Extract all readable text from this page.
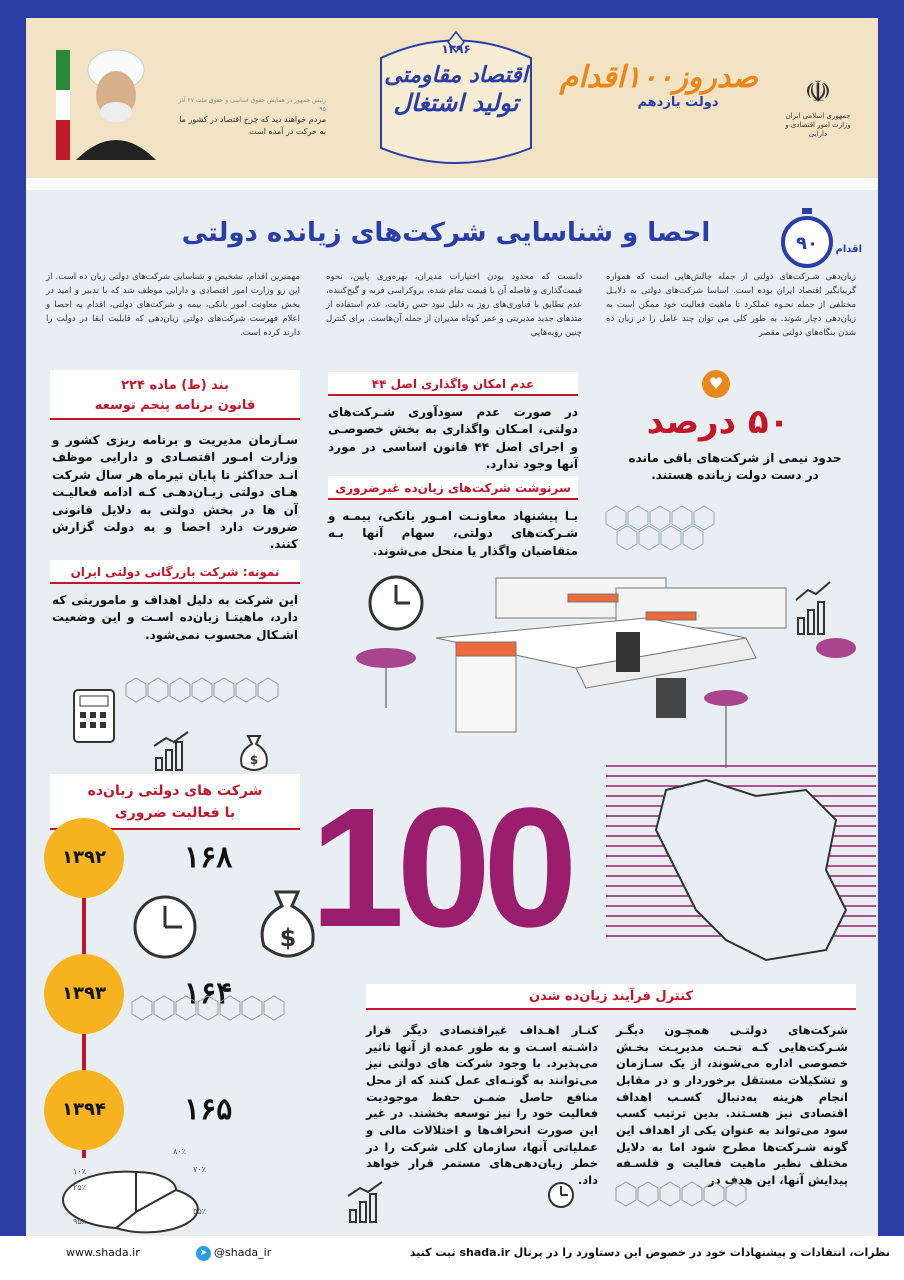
☫
جمهوری اسلامی ایران
وزارت امور اقتصادی و دارایی
صدروز۱۰۰اقدام
دولت یازدهم
۱۳۹۶
اقتصاد مقاومتی
تولید اشتغال
رئیس جمهور در همایش حقوق اساسی و حقوق ملت ۲۷ آذر ۹۵
مردم خواهند دید که چرخ اقتصاد در کشور ما به حرکت در آمده است
احصا و شناسایی شرکت‌های زیانده دولتی	۹۰ اقدام
زیان‌دهی شـرکت‌های دولتی از جمله چالش‌هایی است که همواره گریبانگیر اقتصاد ایران بوده است. اساسا شرکت‌های دولتی به دلایـل مختلفی از جمله نحـوه عملکرد تا ماهیت فعالیت خود ممکن است به زیان‌دهی دچار شوند. به طور کلی می توان چند عامل را در زیان ده شدن بنگاه‌های دولتی مقصر
دانست که محدود بودن اختیارات مدیران، بهره‌وری پایین، نحوه قیمت‌گذاری و فاصله آن با قیمت تمام شده، بروکراسی فربه و گیج‌کننده، عدم تطابق با فناوری‌های روز به دلیل نبود حس رقابت، عدم استفاده از متدهای جدید مدیریتی و عمر کوتاه مدیران از جمله آن‌هاست. برای کنترل چنین رویه‌هایی
مهمترین اقدام، تشخیص و شناسایی شرکت‌های دولتی زیان ده است. از این رو وزارت امور اقتصادی و دارایی موظف شد که با تدبیر و امید در بخش معاونت امور بانکی، بیمه و شرکت‌های دولتی، اقدام به احصا و اعلام فهرست شرکت‌های دولتی زیان‌دهی که قابلیت ابقا در دولت را دارند کرده است.
♥
۵۰ درصد
حدود نیمی از شرکت‌های باقی مانده در دست دولت زیانده هستند.
عدم امکان واگذاری اصل ۴۴
در صورت عدم سودآوری شـرکت‌های دولتی، امـکان واگذاری به بخش خصوصـی و اجرای اصل ۴۴ قانون اساسی در مورد آنها وجود ندارد.
سرنوشت شرکت‌های زیان‌ده غیرضروری
بـا پیشنهاد معاونـت امـور بانکی، بیمـه و شـرکت‌های دولتی، سهام آنها بـه متقاضیان واگذار یا منحل می‌شوند.
بند (ط) ماده ۲۲۴
قانون برنامه پنجم توسعه
سـازمان مدیریت و برنامه ریزی کشور و وزارت امـور اقتصـادی و دارایی موظف انـد حداکثر تا پایان تیرماه هر سال شرکت هـای دولتی زیـان‌دهـی کـه ادامه فعالیـت آن ها در بخش دولتی به دلایل قانونی ضرورت دارد احصا و به دولت گزارش کنند.
نمونه: شرکت بازرگانی دولتی ایران
این شرکت به دلیل اهداف و ماموریتی که دارد، ماهیتـا زیان‌ده اسـت و این وضعیت اشـکال محسوب نمی‌شود.
$
شرکت های دولتی زیان‌ده
با فعالیت ضروری
۱۳۹۲	۱۶۸
۱۳۹۳	۱۶۴
۱۳۹۴	۱۶۵
$
۸۰٪
۷۰٪
۱۰٪
۲۵٪
۵۵٪
۹۵٪
100
کنترل فرآیند زیان‌ده شدن
شرکت‌های دولتـی همچـون دیگـر شـرکت‌هایی کـه تحـت مدیریـت بخـش خصوصی اداره می‌شوند، از یک سـازمان و تشکیلات مستقل برخوردار و در مقابل انجام هزینه به‌دنبال کسـب اهداف اقتصادی نیز هسـتند. بدین ترتیب کسب سود می‌تواند به عنوان یکی از اهداف این گونه شـرکت‌ها مطرح شود اما به دلایل مختلف نظیر ماهیت فعالیت و فلسـفه پیدایش آنها، این هدف در
کنـار اهـداف غیراقتصادی دیگر قرار داشـته اسـت و به طور عمده از آنها تاثیر می‌پذیرد. با وجود شرکت های دولتی نیز می‌توانند به گونـه‌ای عمل کنند که از محل منافع حاصل ضمـن حفظ موجودیت فعالیت خود را نیز توسعه بخشند. در غیر این صورت انحراف‌ها و اختلالات مالی و عملیاتی آنها، سازمان کلی شرکت را در خطر زیان‌دهی‌های مستمر قرار خواهد داد.
نظرات، انتقادات و پیشنهادات خود در خصوص این دستاورد را در پرتال shada.ir ثبت کنید
➤ @shada_ir
www.shada.ir
